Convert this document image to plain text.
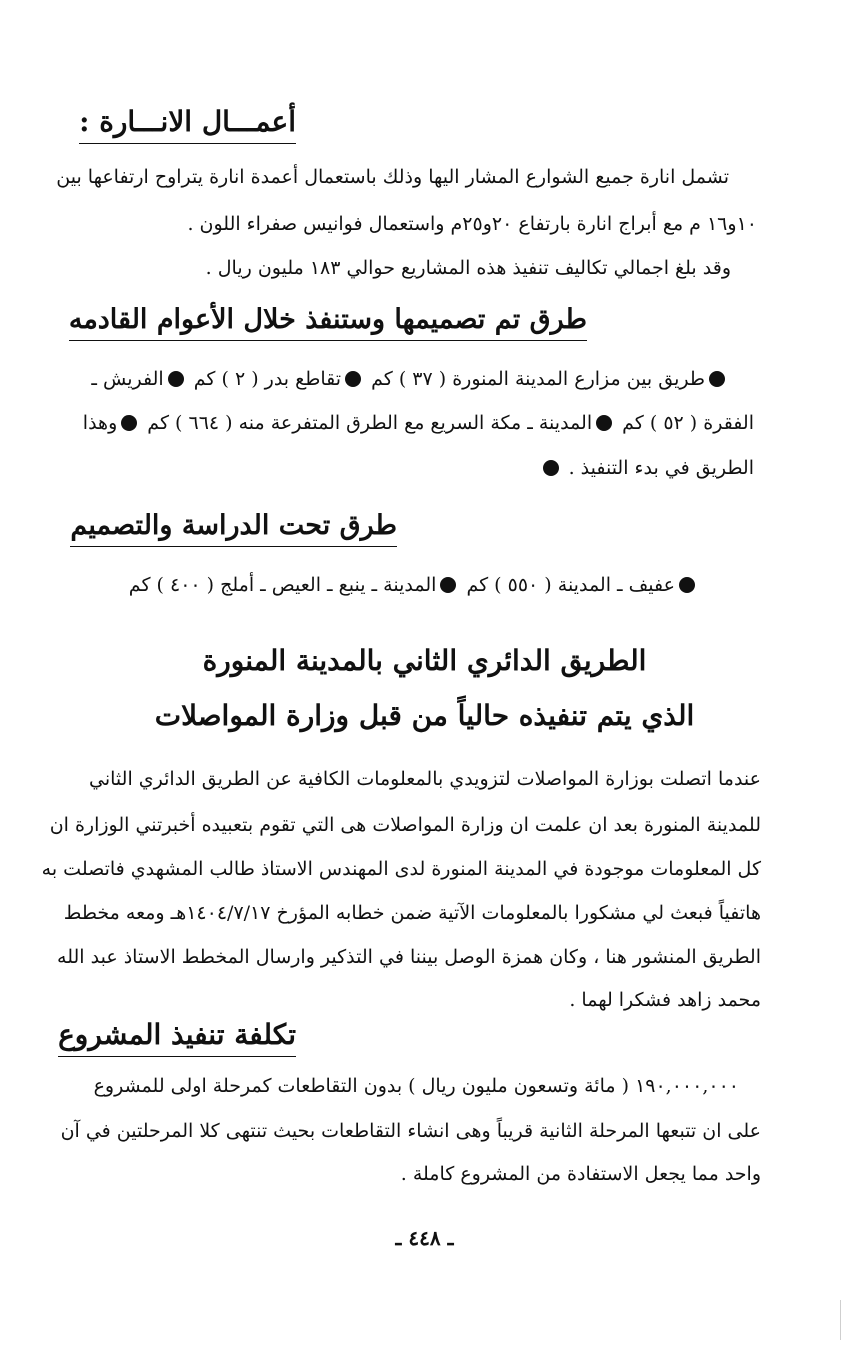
أعمـــال الانـــارة :
تشمل انارة جميع الشوارع المشار اليها وذلك باستعمال أعمدة انارة يتراوح ارتفاعها بين
١٠و١٦ م مع أبراج انارة بارتفاع ٢٠و٢٥م واستعمال فوانيس صفراء اللون .
وقد بلغ اجمالي تكاليف تنفيذ هذه المشاريع حوالي ١٨٣ مليون ريال .
طرق تم تصميمها وستنفذ خلال الأعوام القادمه
طريق بين مزارع المدينة المنورة ( ٣٧ ) كم تقاطع بدر ( ٢ ) كم الفريش ـ
الفقرة ( ٥٢ ) كم المدينة ـ مكة السريع مع الطرق المتفرعة منه ( ٦٦٤ ) كم وهذا
الطريق في بدء التنفيذ .
طرق تحت الدراسة والتصميم
عفيف ـ المدينة ( ٥٥٠ ) كم المدينة ـ ينبع ـ العيص ـ أملج ( ٤٠٠ ) كم
الطريق الدائري الثاني بالمدينة المنورة
الذي يتم تنفيذه حالياً من قبل وزارة المواصلات
عندما اتصلت بوزارة المواصلات لتزويدي بالمعلومات الكافية عن الطريق الدائري الثاني
للمدينة المنورة بعد ان علمت ان وزارة المواصلات هى التي تقوم بتعبيده أخبرتني الوزارة ان
كل المعلومات موجودة في المدينة المنورة لدى المهندس الاستاذ طالب المشهدي فاتصلت به
هاتفياً فبعث لي مشكورا بالمعلومات الآتية ضمن خطابه المؤرخ ١٤٠٤/٧/١٧هـ ومعه مخطط
الطريق المنشور هنا ، وكان همزة الوصل بيننا في التذكير وارسال المخطط الاستاذ عبد الله
محمد زاهد فشكرا لهما .
تكلفة تنفيذ المشروع
١٩٠,٠٠٠,٠٠٠ ( مائة وتسعون مليون ريال ) بدون التقاطعات كمرحلة اولى للمشروع
على ان تتبعها المرحلة الثانية قريباً وهى انشاء التقاطعات بحيث تنتهى كلا المرحلتين في آن
واحد مما يجعل الاستفادة من المشروع كاملة .
ـ ٤٤٨ ـ
